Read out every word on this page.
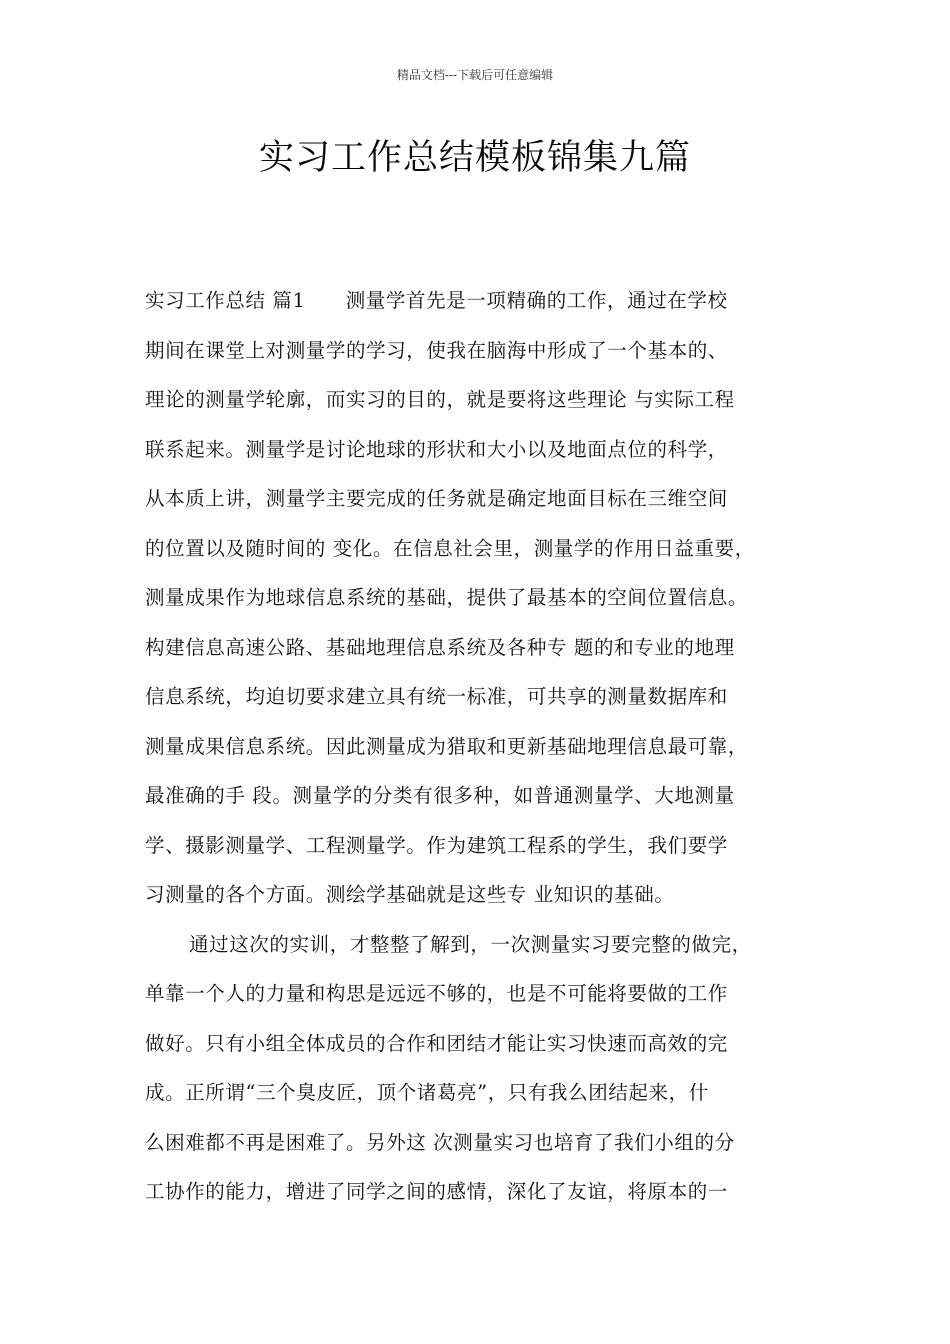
精品文档---下载后可任意编辑
实习工作总结模板锦集九篇
实习工作总结 篇1　　测量学首先是一项精确的工作，通过在学校
期间在课堂上对测量学的学习，使我在脑海中形成了一个基本的、
理论的测量学轮廓，而实习的目的，就是要将这些理论 与实际工程
联系起来。测量学是讨论地球的形状和大小以及地面点位的科学，
从本质上讲，测量学主要完成的任务就是确定地面目标在三维空间
的位置以及随时间的 变化。在信息社会里，测量学的作用日益重要，
测量成果作为地球信息系统的基础，提供了最基本的空间位置信息。
构建信息高速公路、基础地理信息系统及各种专 题的和专业的地理
信息系统，均迫切要求建立具有统一标准，可共享的测量数据库和
测量成果信息系统。因此测量成为猎取和更新基础地理信息最可靠，
最准确的手 段。测量学的分类有很多种，如普通测量学、大地测量
学、摄影测量学、工程测量学。作为建筑工程系的学生，我们要学
习测量的各个方面。测绘学基础就是这些专 业知识的基础。
通过这次的实训，才整整了解到，一次测量实习要完整的做完，
单靠一个人的力量和构思是远远不够的，也是不可能将要做的工作
做好。只有小组全体成员的合作和团结才能让实习快速而高效的完
成。正所谓“三个臭皮匠，顶个诸葛亮”，只有我么团结起来，什
么困难都不再是困难了。另外这 次测量实习也培育了我们小组的分
工协作的能力，增进了同学之间的感情，深化了友谊，将原本的一
